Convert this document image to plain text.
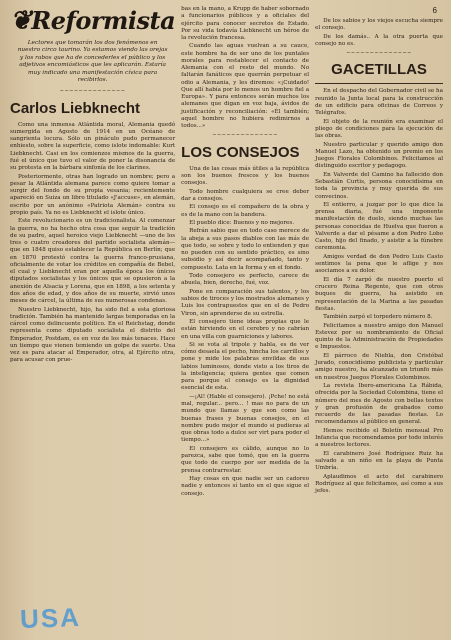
6
❦Reformista
Lectores que tomarán los dos fenómenos en nuestro circo taurino. Ya estamos viendo las orejas y los rabos que ha de concederles el público y los adjetivos encomiásticos que les aplicarán. Estaría muy indicado una manifestación cívica para recibirlos.
~~~~~~~~~~~~~~
Carlos Liebknecht

Como una inmensa Atlántida moral, Alemania quedó sumergida en Agosto de 1914 en un Océano de sangrienta locura. Sólo un pináculo pudo permanecer enhiesto, sobre la superficie, como islote indomable: Kurt Liebknecht. Casi en los comienzos mismos de la guerra, fué el único que tuvo el valor de poner la disonancia de su protesta en la bárbara sinfonía de los clarines.

Posteriormente, otras han logrado un nombre; pero a pesar la Atlántida alemana parece como quiere tomar a surgir del fondo de su propia vesania; recientemente apareció en Suiza un libro titulado «J'accuse», en alemán, escrito por un anónimo «Patriota Alemán» contra su propio país. Ya no es Liebknecht el islote único.

Este revolucionario es un tradicionalista. Al comenzar la guerra, no ha hecho otra cosa que seguir la tradición de su padre, aquel heroico viejo Liebknecht —uno de los tres o cuatro creadores del partido socialista alemán— que en 1848 quiso establecer la República en Berlín; que en 1870 protestó contra la guerra franco-prusiana, oficialmente de votar los créditos en compañía de Bebel, el cual y Liebknecht eran por aquella época los únicos diputados socialistas y los únicos que se opusieron a la anexión de Alsacia y Lorena, que en 1898, a los setenta y dos años de edad, y dos años de su muerte, sirvió unos meses de cárcel, la última de sus numerosas condenas.

Nuestro Liebknecht, hijo, ha sido fiel a esta gloriosa tradición. También ha mantenido largas temporadas en la cárcel como delincuente político. En el Reichstag, donde representa como diputado socialista el distrito del Emperador, Postdam, es en voz de los más tenaces. Hace un tiempo que vienen temiendo un golpe de suerte. Una vez es para atacar al Emperador, otra, al Ejército otra, para acusar con prue-

bas en la mano, a Krupp de haber sobornado a funcionarios públicos y a oficiales del ejército para conocer secretos de Estado. Por su vida todavía Liebknecht un héroe de la revolución francesa.

Cuando las aguas vuelvan a su cauce, este hombre ha de ser uno de los puntales morales para restablecer el contacto de Alemania con el resto del mundo. No faltarán fanáticos que querrán perpetuar el odio a Alemania, y les diremos: «¡Cuidado! Que allí había por lo menos un hombre fiel a Europa». Y para entonces serán muchos los alemanes que digan en voz baja, ávidos de justificación y reconciliación: «Él también; aquel hombre no hubiera redimirnos a todos...»

~~~~~~~~~~~~~~
LOS CONSEJOS

Una de las cosas más útiles a la república son los buenos frescos y los buenos consejos.

Todo hombre cualquiera se cree deber dar a consejos.

El consejo es el compañero de la obra y es de la mano con la bandera.

El pueblo dice: Buenos y no mejores.

Refrán sabio que en todo caso merece de la abeja a sus pasos diablos con las más de que todo, se sobre y todo lo entienden y que no pueden con su sentido práctico, es sino subsidio y así decir acompañado, tanto y compuesto. Lata en la forma y en el fondo.

Todo consejero es perfecto, carece de abuela, bien, derecho, fué, voz.

Pone en comparación sus talentos, y los sabios de tiroces y los mostrados alemanes y Luis los contrapuestos que en el de Pedro Viron, sin aprenderse de su estrella.

El consejero tiene ideas propias que le están hirviendo en el cerebro y no cabrían en una villa con guarniciones y labores.

Si se vota al tripole y habla, es de ver cómo desaela el pecho, hincha los carrillos y pone y mide los palabras envildas de sus labios luminosos, donde visto a los tiros de la inteligencia; quiera gentes que comen para porque el consejo es la dignidad esencial de esta.

—¡Al! (Hable el consejero). ¡Pche! no está mal, regular... pero... ! mas no para de un mundo que llamas y que son como las buenas frases y buenas consejos, en el nombre pudo mejor el mundo si pudieras al que obras todo a dulce ser virt para poder el tiempo...»

El consejero es cálido, aunque no lo parezca, sabe que tomó, que en la guerra que todo de cuerpo por ser medida de la prensa contrarrestar.

Hay cosas en que nadie ser un cadoreo nadie y entonces sí tanto en el que sigue el consejo.

De los sabios y los viejos escucha siempre el consejo.

De los damás.. A la otra puerta que consejo no es.

~~~~~~~~~~~~~~
GACETILLAS

En el despacho del Gobernador civil se ha reunido la Junta local para la construcción de un edificio para oficinas de Correos y Telégrafos.

El objeto de la reunión era examinar el pliego de condiciones para la ejecución de las obras.

Nuestro particular y querido amigo don Manuel Lazo, ha obtenido un premio en los Juegos Florales Colombinos. Felicitamos al distinguido escritor y pedagogo.

En Valverde del Camino ha fallecido don Sebastián Curtis, persona conocidísima en toda la provincia y muy querida de sus convecinos.

El entierro, a juzgar por lo que dice la prensa diaria, fué una imponente manifestación de duelo, siendo muchas las personas conocidas de Huelva que fueron a Valverde a dar el pésame a don Pedro Lobo Casto, hijo del finado, y asistir a la fúnebre ceremonia.

Amigos verdad de don Pedro Luis Casto sentimos la pena que le aflige y nos asociamos a su dolor.

El día 7 zarpó de nuestro puerto el crucero Reina Regente, que con otros buques de guerra, ha asistido en representación de la Marina a las pasadas fiestas.

También zarpó el torpedero número 8.

Felicitamos a nuestro amigo don Manuel Estevez por su nombramiento de Oficial quinto de la Administración de Propiedades e Impuestos.

El párroco de Niebla, don Cristóbal Jurado, conocidísimo publicista y particular amigo nuestro, ha alcanzado un triunfo más en nuestros Juegos Florales Colombinos.

La revista Ibero-americana La Rábida, ofrecida por la Sociedad Colombina, tiene el número del mes de Agosto con bellas textos y gran profusión de grabados como recuerdo de las pasadas fiestas. Lo recomendamos al público en general.

Hemos recibido el Boletín mensual Pro Infancia que recomendamos por todo interés a nuestros lectores.

El carabinero José Rodríguez Ruiz ha salvado a un niño en la playa de Punta Umbría.

Aplaudimos el acto del carabinero Rodríguez al que felicitamos, así como a sus jefes.

USA
